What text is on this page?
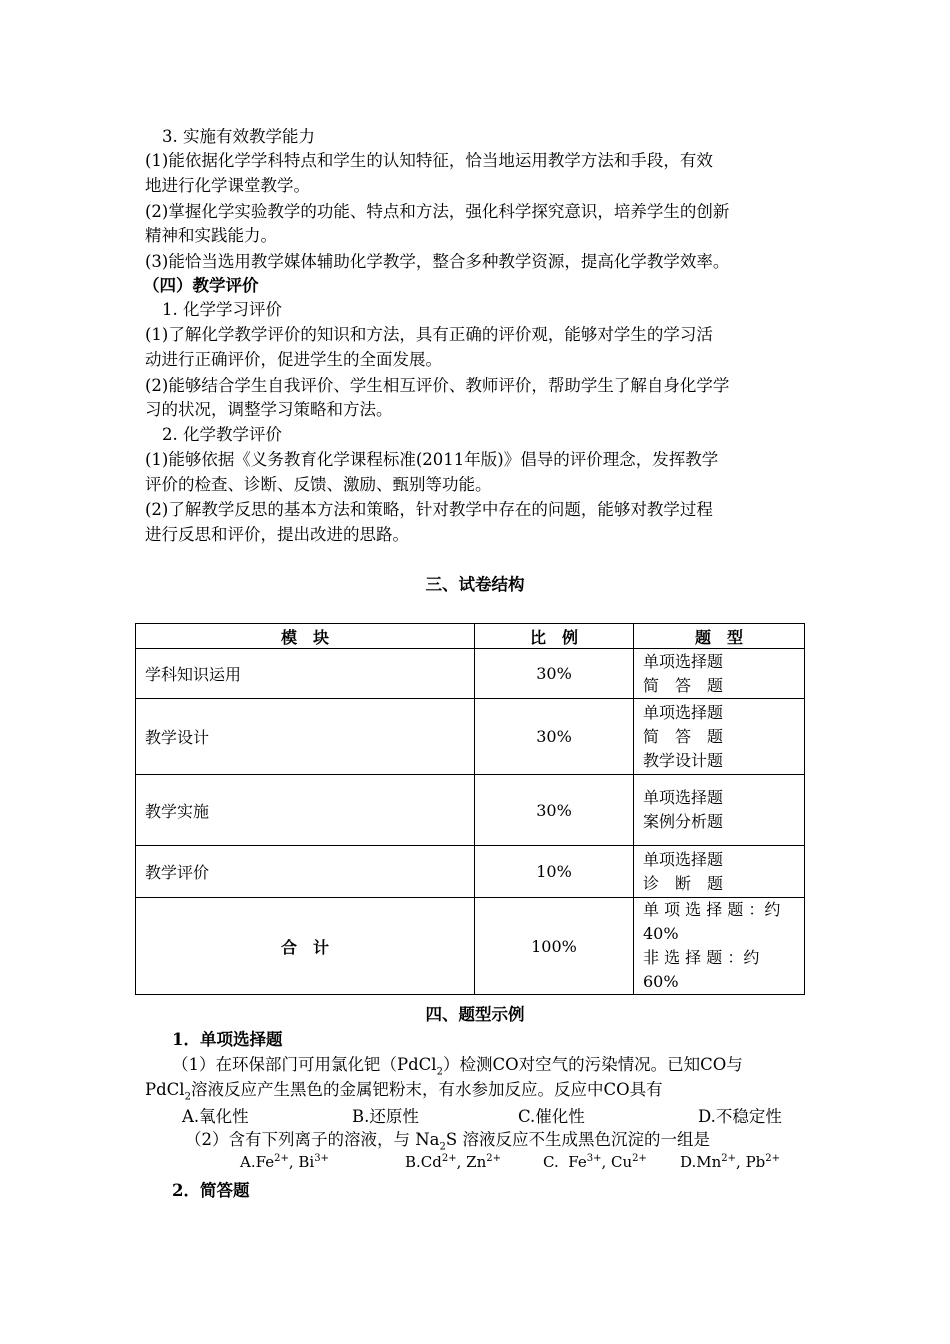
3. 实施有效教学能力
(1)能依据化学学科特点和学生的认知特征，恰当地运用教学方法和手段，有效
地进行化学课堂教学。
(2)掌握化学实验教学的功能、特点和方法，强化科学探究意识，培养学生的创新
精神和实践能力。
(3)能恰当选用教学媒体辅助化学教学，整合多种教学资源，提高化学教学效率。
（四）教学评价
1. 化学学习评价
(1)了解化学教学评价的知识和方法，具有正确的评价观，能够对学生的学习活
动进行正确评价，促进学生的全面发展。
(2)能够结合学生自我评价、学生相互评价、教师评价，帮助学生了解自身化学学
习的状况，调整学习策略和方法。
2. 化学教学评价
(1)能够依据《义务教育化学课程标准(2011年版)》倡导的评价理念，发挥教学
评价的检查、诊断、反馈、激励、甄别等功能。
(2)了解教学反思的基本方法和策略，针对教学中存在的问题，能够对教学过程
进行反思和评价，提出改进的思路。
三、试卷结构
模　块	比　例	题　型
学科知识运用	30%	单项选择题
简　答　题

教学设计	30%	单项选择题
简　答　题
教学设计题

教学实施	30%	单项选择题
案例分析题

教学评价	10%	单项选择题
诊　断　题

合　计	100%	单 项 选 择 题 ：约 40%
非 选 择 题 ：约 60%
四、题型示例
1．单项选择题
（1）在环保部门可用氯化钯（PdCl$_2$）检测CO对空气的污染情况。已知CO与
PdCl$_2$溶液反应产生黑色的金属钯粉末，有水参加反应。反应中CO具有
A.氧化性	B.还原性	C.催化性	D.不稳定性
（2）含有下列离子的溶液，与 $Na_2S$ 溶液反应不生成黑色沉淀的一组是
$A.Fe^{2+}$, $Bi^{3+}$	$B.Cd^{2+}$, $Zn^{2+}$	C. $Fe^{3+}$, $Cu^{2+}$ $D.Mn^{2+}$, $Pb^{2+}$
2．简答题
